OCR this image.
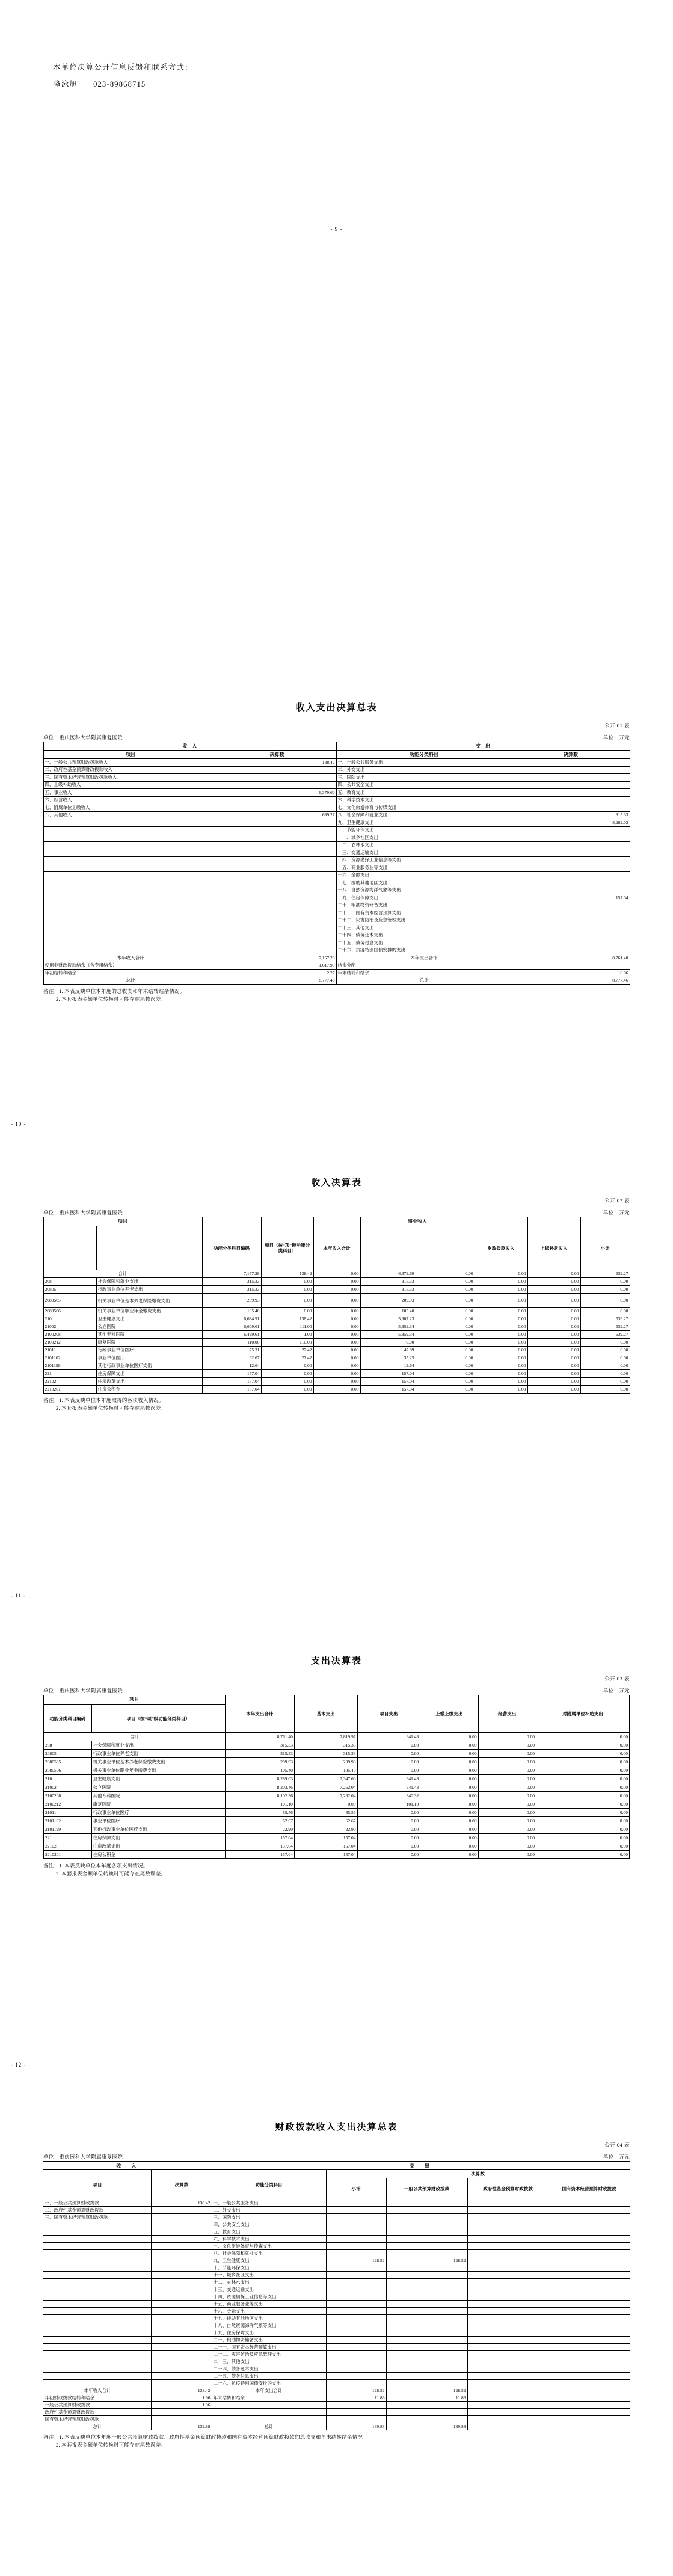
本单位决算公开信息反馈和联系方式：
隆泳旭 023-89868715
- 9 -
收入支出决算总表
公开 01 表
单位：重庆医科大学附属康复医院	单位：万元
收　入		支　出	
项目	决算数	功能分类科目	决算数
一、一般公共预算财政拨款收入	138.42	一、一般公共服务支出	
二、政府性基金预算财政拨款收入		二、外交支出	
三、国有资本经营预算财政拨款收入		三、国防支出	
四、上级补助收入		四、公共安全支出	
五、事业收入	6,379.60	五、教育支出	
六、经营收入		六、科学技术支出	
七、附属单位上缴收入		七、文化旅游体育与传媒支出	
八、其他收入	639.27	八、社会保障和就业支出	315.33
		九、卫生健康支出	8,289.03
		十、节能环保支出	
		十一、城乡社区支出	
		十二、农林水支出	
		十三、交通运输支出	
		十四、资源勘探工业信息等支出	
		十五、商业服务业等支出	
		十六、金融支出	
		十七、援助其他地区支出	
		十八、自然资源海洋气象等支出	
		十九、住房保障支出	157.04
		二十、粮油物资储备支出	
		二十一、国有资本经营预算支出	
		二十二、灾害防治及应急管理支出	
		二十三、其他支出	
		二十四、债务还本支出	
		二十五、债务付息支出	
		二十六、抗疫特别国债安排的支出	
本年收入合计	7,157.28	本年支出合计	8,761.40
使用非财政拨款结余（含专用结余）	1,617.90	结余分配	
年初结转和结余	2.27	年末结转和结余	16.06
总计	8,777.46	总计	8,777.46
备注：1. 本表反映单位本年度的总收支和年末结转结余情况。
2. 本套报表金额单位转换时可能存在尾数误差。
- 10 -
收入决算表
公开 02 表
单位：重庆医科大学附属康复医院	单位：万元
项目					事业收入					

		功能分类科目编码	项目（按“项”级功能分类科目）	本年收入合计			财政拨款收入	上级补助收入	小计				
合计		7,157.28	138.42	0.00	6,379.60	0.00	0.00	0.00	639.27	
208	社会保障和就业支出	315.33	0.00	0.00	315.33	0.00	0.00	0.00	0.00	
20805	行政事业单位养老支出	315.33	0.00	0.00	315.33	0.00	0.00	0.00	0.00	
2080505	机关事业单位基本养老保险缴费支出	209.93	0.00	0.00	209.93	0.00	0.00	0.00	0.00	
2080506	机关事业单位职业年金缴费支出	105.40	0.00	0.00	105.40	0.00	0.00	0.00	0.00	
210	卫生健康支出	6,684.91	138.42	0.00	5,907.23	0.00	0.00	0.00	639.27	
21002	公立医院	6,609.61	111.00	0.00	5,859.34	0.00	0.00	0.00	639.27	
2100208	其他专科医院	6,499.61	1.00	0.00	5,859.34	0.00	0.00	0.00	639.27	
2100212	康复医院	110.00	110.00	0.00	0.00	0.00	0.00	0.00	0.00	
21011	行政事业单位医疗	75.31	27.42	0.00	47.89	0.00	0.00	0.00	0.00	
2101102	事业单位医疗	62.67	27.42	0.00	35.25	0.00	0.00	0.00	0.00	
2101199	其他行政事业单位医疗支出	12.64	0.00	0.00	12.64	0.00	0.00	0.00	0.00	
221	住房保障支出	157.04	0.00	0.00	157.04	0.00	0.00	0.00	0.00	
22102	住房改革支出	157.04	0.00	0.00	157.04	0.00	0.00	0.00	0.00	
2210201	住房公积金	157.04	0.00	0.00	157.04	0.00	0.00	0.00	0.00	
备注：1. 本表反映单位本年度取得的各项收入情况。
2. 本套报表金额单位转换时可能存在尾数误差。
- 11 -
支出决算表
公开 03 表
单位：重庆医科大学附属康复医院	单位：万元
项目		本年支出合计	基本支出	项目支出	上缴上级支出	经营支出	对附属单位补助支出
功能分类科目编码	项目（按“项”级功能分类科目）						
合计		8,761.40	7,819.97	941.43	0.00	0.00	0.00
208	社会保障和就业支出	315.33	315.33	0.00	0.00	0.00	0.00
20805	行政事业单位养老支出	315.33	315.33	0.00	0.00	0.00	0.00
2080505	机关事业单位基本养老保险缴费支出	209.93	209.93	0.00	0.00	0.00	0.00
2080506	机关事业单位职业年金缴费支出	105.40	105.40	0.00	0.00	0.00	0.00
210	卫生健康支出	8,289.03	7,347.60	941.43	0.00	0.00	0.00
21002	公立医院	8,203.46	7,262.04	941.43	0.00	0.00	0.00
2100208	其他专科医院	8,102.36	7,262.04	840.32	0.00	0.00	0.00
2100212	康复医院	101.10	0.00	101.10	0.00	0.00	0.00
21011	行政事业单位医疗	85.56	85.56	0.00	0.00	0.00	0.00
2101102	事业单位医疗	62.67	62.67	0.00	0.00	0.00	0.00
2101199	其他行政事业单位医疗支出	22.90	22.90	0.00	0.00	0.00	0.00
221	住房保障支出	157.04	157.04	0.00	0.00	0.00	0.00
22102	住房改革支出	157.04	157.04	0.00	0.00	0.00	0.00
2210201	住房公积金	157.04	157.04	0.00	0.00	0.00	0.00
备注：1. 本表反映单位本年度各项支出情况。
2. 本套报表金额单位转换时可能存在尾数误差。
- 12 -
财政拨款收入支出决算总表
公开 04 表
单位：重庆医科大学附属康复医院	单位：万元
收　入		支　出				
项目	决算数	功能分类科目	决算数			
			小计	一般公共预算财政拨款	政府性基金预算财政拨款	国有资本经营预算财政拨款
一、一般公共预算财政拨款	138.42	一、一般公共服务支出				
二、政府性基金预算财政拨款		二、外交支出				
三、国有资本经营预算财政拨款		三、国防支出				
		四、公共安全支出				
		五、教育支出				
		六、科学技术支出				
		七、文化旅游体育与传媒支出				
		八、社会保障和就业支出				
		九、卫生健康支出	128.52	128.52		
		十、节能环保支出				
		十一、城乡社区支出				
		十二、农林水支出				
		十三、交通运输支出				
		十四、资源勘探工业信息等支出				
		十五、商业服务业等支出				
		十六、金融支出				
		十七、援助其他地区支出				
		十八、自然资源海洋气象等支出				
		十九、住房保障支出				
		二十、粮油物资储备支出				
		二十一、国有资本经营预算支出				
		二十二、灾害防治及应急管理支出				
		二十三、其他支出				
		二十四、债务还本支出				
		二十五、债务付息支出				
		二十六、抗疫特别国债安排的支出				
本年收入合计	138.42	本年支出合计	128.52	128.52		
年初财政拨款结转和结余	1.96	年末结转和结余	11.86	11.86		
一般公共预算财政拨款	1.96					
政府性基金预算财政拨款						
国有资本经营预算财政拨款						
总计	139.88	总计	139.88	139.88		
备注：1. 本表反映单位本年度一般公共预算财政拨款、政府性基金预算财政拨款和国有资本经营预算财政拨款的总收支和年末结转结余情况。
2. 本套报表金额单位转换时可能存在尾数误差。
